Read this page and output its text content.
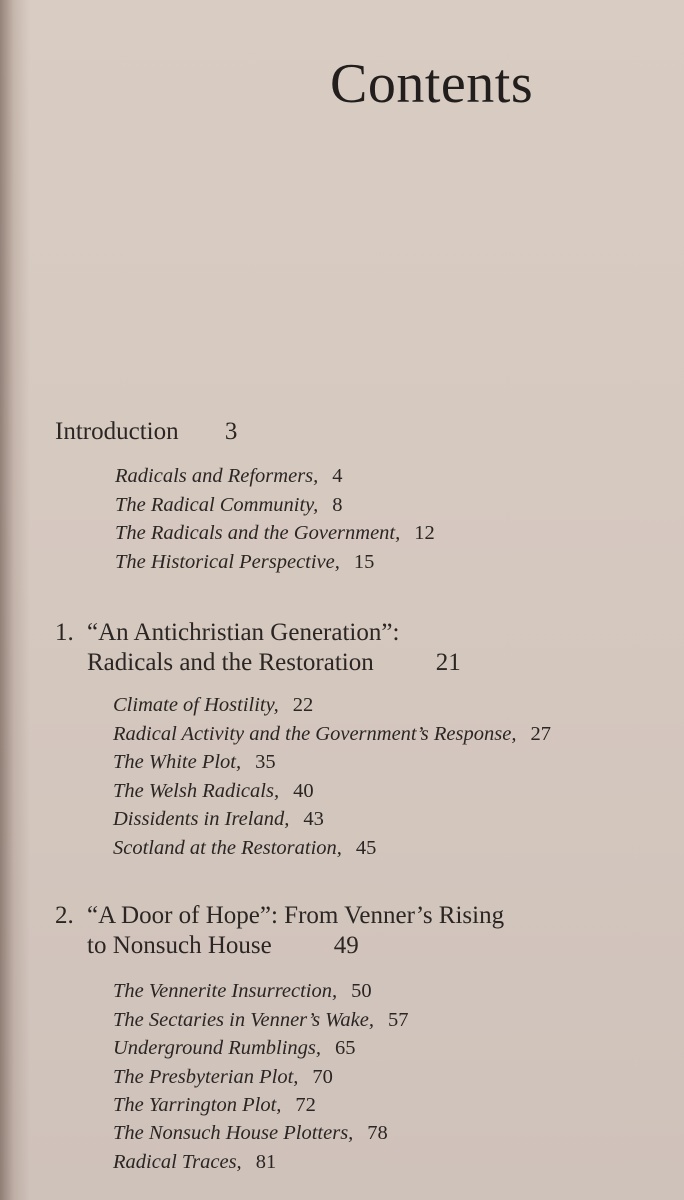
Contents
Introduction 3
Radicals and Reformers, 4
The Radical Community, 8
The Radicals and the Government, 12
The Historical Perspective, 15
1. “An Antichristian Generation”:
Radicals and the Restoration 21
Climate of Hostility, 22
Radical Activity and the Government’s Response, 27
The White Plot, 35
The Welsh Radicals, 40
Dissidents in Ireland, 43
Scotland at the Restoration, 45
2. “A Door of Hope”: From Venner’s Rising
to Nonsuch House 49
The Vennerite Insurrection, 50
The Sectaries in Venner’s Wake, 57
Underground Rumblings, 65
The Presbyterian Plot, 70
The Yarrington Plot, 72
The Nonsuch House Plotters, 78
Radical Traces, 81
